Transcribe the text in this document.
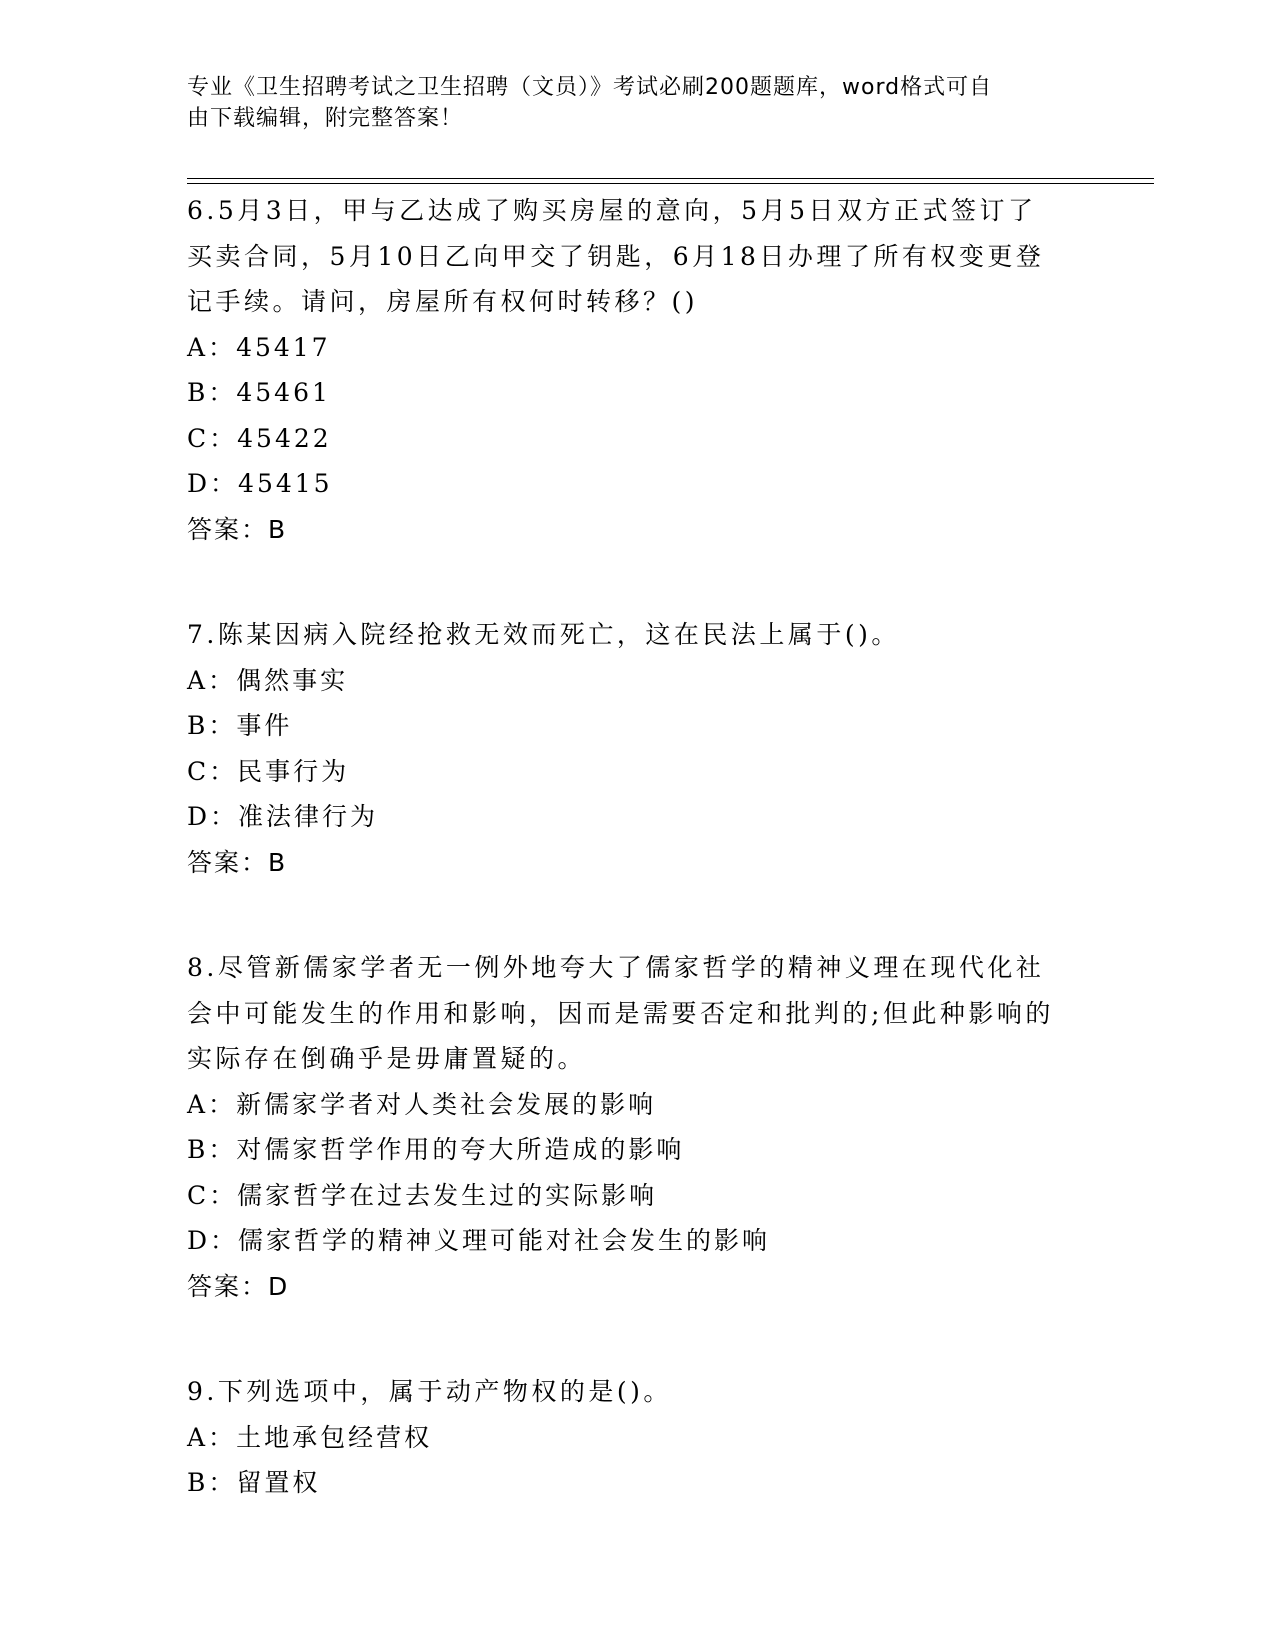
专业《卫生招聘考试之卫生招聘（文员）》考试必刷200题题库，word格式可自
由下载编辑，附完整答案！

6.5月3日，甲与乙达成了购买房屋的意向，5月5日双方正式签订了

买卖合同，5月10日乙向甲交了钥匙，6月18日办理了所有权变更登

记手续。请问，房屋所有权何时转移？()

A：45417
B：45461
C：45422
D：45415

答案：B

7.陈某因病入院经抢救无效而死亡，这在民法上属于()。

A：偶然事实
B：事件
C：民事行为
D：准法律行为

答案：B

8.尽管新儒家学者无一例外地夸大了儒家哲学的精神义理在现代化社

会中可能发生的作用和影响，因而是需要否定和批判的;但此种影响的

实际存在倒确乎是毋庸置疑的。

A：新儒家学者对人类社会发展的影响
B：对儒家哲学作用的夸大所造成的影响
C：儒家哲学在过去发生过的实际影响
D：儒家哲学的精神义理可能对社会发生的影响

答案：D

9.下列选项中，属于动产物权的是()。

A：土地承包经营权
B：留置权
